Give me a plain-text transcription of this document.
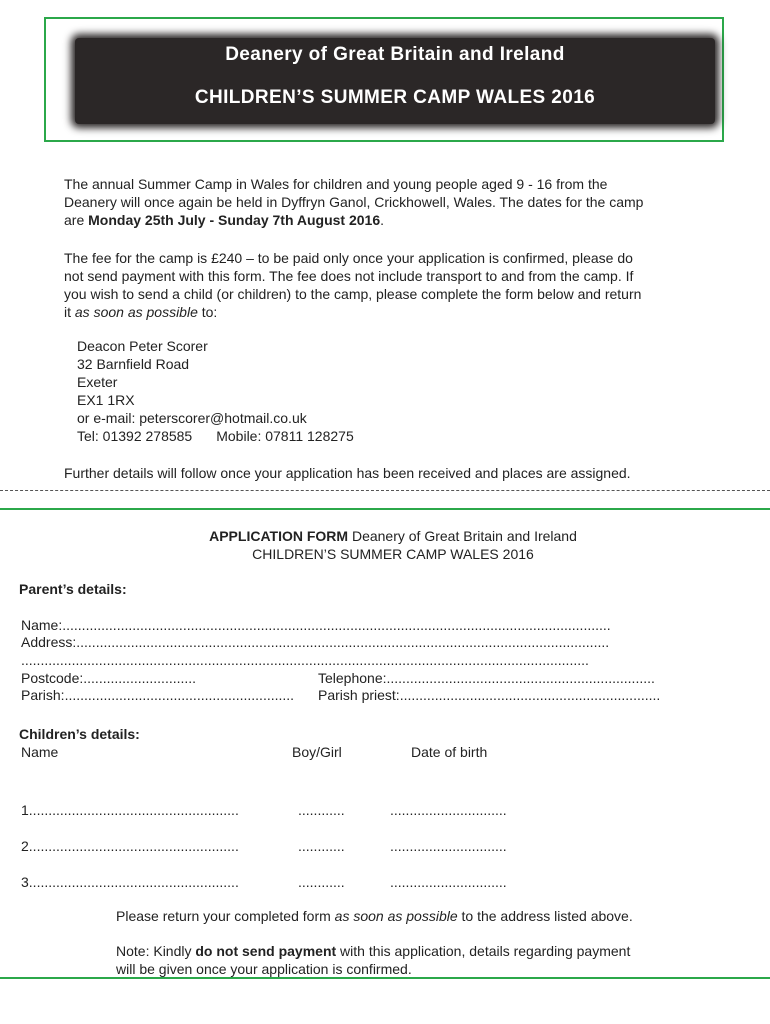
Deanery of Great Britain and Ireland
CHILDREN’S SUMMER CAMP WALES 2016
The annual Summer Camp in Wales for children and young people aged 9 - 16 from the
Deanery will once again be held in Dyffryn Ganol, Crickhowell, Wales. The dates for the camp
are Monday 25th July - Sunday 7th August 2016.
The fee for the camp is £240 – to be paid only once your application is confirmed, please do
not send payment with this form. The fee does not include transport to and from the camp. If
you wish to send a child (or children) to the camp, please complete the form below and return
it as soon as possible to:
Deacon Peter Scorer
32 Barnfield Road
Exeter
EX1 1RX
or e-mail: peterscorer@hotmail.co.uk
Tel: 01392 278585 Mobile: 07811 128275
Further details will follow once your application has been received and places are assigned.
APPLICATION FORM Deanery of Great Britain and Ireland
CHILDREN’S SUMMER CAMP WALES 2016
Parent’s details:
Name:.............................................................................................................................................
Address:.........................................................................................................................................
..................................................................................................................................................
Postcode:.............................	Telephone:.....................................................................
Parish:........................................................... Parish priest:...................................................................
Children’s details:
Name	Boy/Girl	Date of birth
1......................................................	............	..............................
2......................................................	............	..............................
3......................................................	............	..............................
Please return your completed form as soon as possible to the address listed above.
Note: Kindly do not send payment with this application, details regarding payment
will be given once your application is confirmed.
